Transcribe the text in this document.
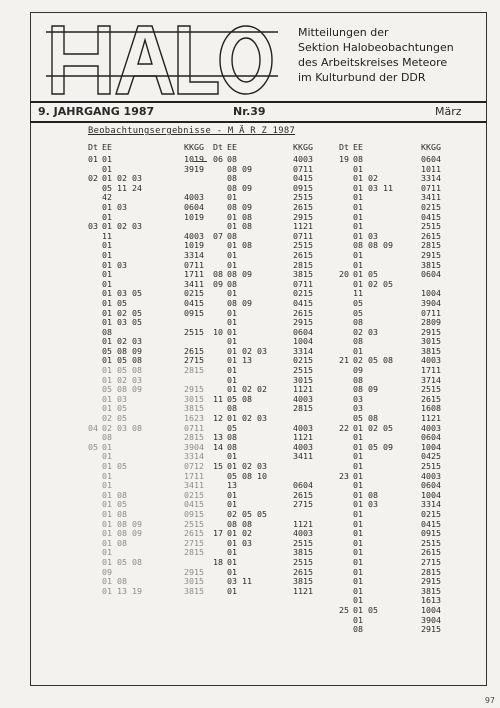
HALO
Mitteilungen der
Sektion Halobeobachtungen
des Arbeitskreises Meteore
im Kulturbund der DDR
9. JAHRGANG 1987	Nr.39	März
Beobachtungsergebnisse - M Ä R Z 1987
Dt EE	KKGG
01 01	1019
01	3919
02 01 02 03
05 11 24
42	4003
01 03	0604
01	1019
03 01 02 03
11	4003
01	1019
01	3314
01 03	0711
01	1711
01	3411
01 03 05	0215
01 05	0415
01 02 05	0915
01 03 05
08	2515
01 02 03
05 08 09	2615
01 05 08	2715
01 05 08	2815
01 02 03
05 08 09	2915
01 03	3015
01 05	3815
02 05	1623
04 02 03 08	0711
08	2815
05 01	3904
01	3314
01 05	0712
01	1711
01	3411
01 08	0215
01 05	0415
01 08	0915
01 08 09	2515
01 08 09	2615
01 08	2715
01	2815
01 05 08
09	2915
01 08	3015
01 13 19	3815
Dt EE	KKGG
06 08	4003
08 09	0711
08	0415
08 09	0915
01	2515
08 09	2615
01 08	2915
01 08	1121
07 08	0711
01 08	2515
01	2615
01	2815
08 08 09	3815
09 08	0711
01	0215
08 09	0415
01	2615
01	2915
10 01	0604
01	1004
01 02 03	3314
01 13	0215
01	2515
01	3015
01 02 02	1121
11 05 08	4003
08	2815
12 01 02 03
05	4003
13 08	1121
14 08	4003
01	3411
15 01 02 03
05 08 10
13	0604
01	2615
01	2715
02 05 05
08 08	1121
17 01 02	4003
01 03	2515
01	3815
18 01	2515
01	2615
03 11	3815
01	1121
Dt EE	KKGG
19 08	0604
01	1011
01 02	3314
01 03 11	0711
01	3411
01	0215
01	0415
01	2515
01 03	2615
08 08 09	2815
01	2915
01	3815
20 01 05	0604
01 02 05
11	1004
05	3904
05	0711
08	2809
02 03	2915
08	3015
01	3815
21 02 05 08	4003
09	1711
08	3714
08 09	2515
03	2615
03	1608
05 08	1121
22 01 02 05	4003
01	0604
01 05 09	1004
01	0425
01	2515
23 01	4003
01	0604
01 08	1004
01 03	3314
01	0215
01	0415
01	0915
01	2515
01	2615
01	2715
01	2815
01	2915
01	3815
01	1613
25 01 05	1004
01	3904
08	2915
97
